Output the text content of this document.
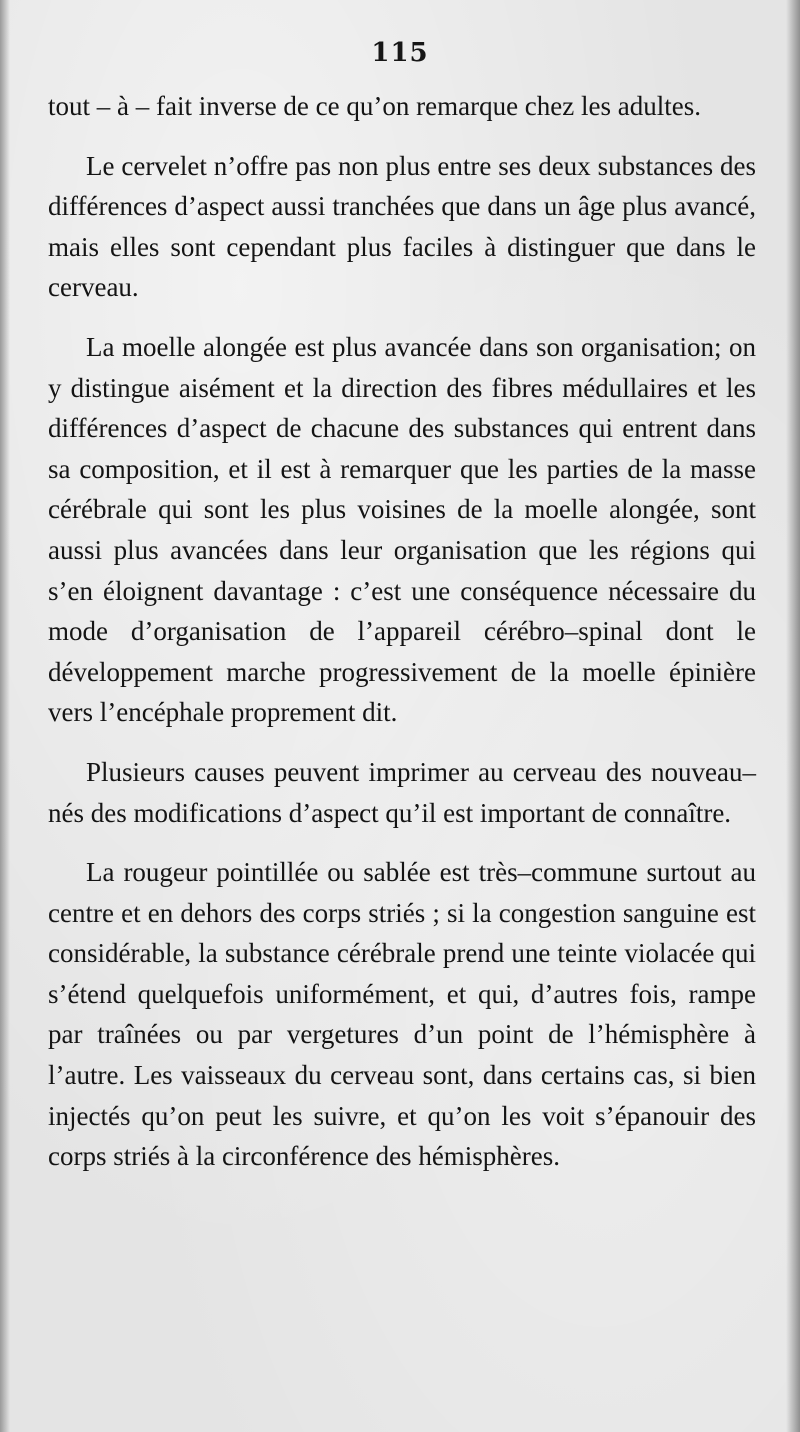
115

tout – à – fait inverse de ce qu’on remarque chez les adultes.

Le cervelet n’offre pas non plus entre ses deux substances des différences d’aspect aussi tranchées que dans un âge plus avancé, mais elles sont cependant plus faciles à distinguer que dans le cerveau.

La moelle alongée est plus avancée dans son organisation; on y distingue aisément et la direction des fibres médullaires et les différences d’aspect de chacune des substances qui entrent dans sa composition, et il est à remarquer que les parties de la masse cérébrale qui sont les plus voisines de la moelle alongée, sont aussi plus avancées dans leur organisation que les régions qui s’en éloignent davantage : c’est une conséquence nécessaire du mode d’organisation de l’appareil cérébro–spinal dont le développement marche progressivement de la moelle épinière vers l’encéphale proprement dit.

Plusieurs causes peuvent imprimer au cerveau des nouveau–nés des modifications d’aspect qu’il est important de connaître.

La rougeur pointillée ou sablée est très–commune surtout au centre et en dehors des corps striés ; si la congestion sanguine est considérable, la substance cérébrale prend une teinte violacée qui s’étend quelquefois uniformément, et qui, d’autres fois, rampe par traînées ou par vergetures d’un point de l’hémisphère à l’autre. Les vaisseaux du cerveau sont, dans certains cas, si bien injectés qu’on peut les suivre, et qu’on les voit s’épanouir des corps striés à la circonférence des hémisphères.
